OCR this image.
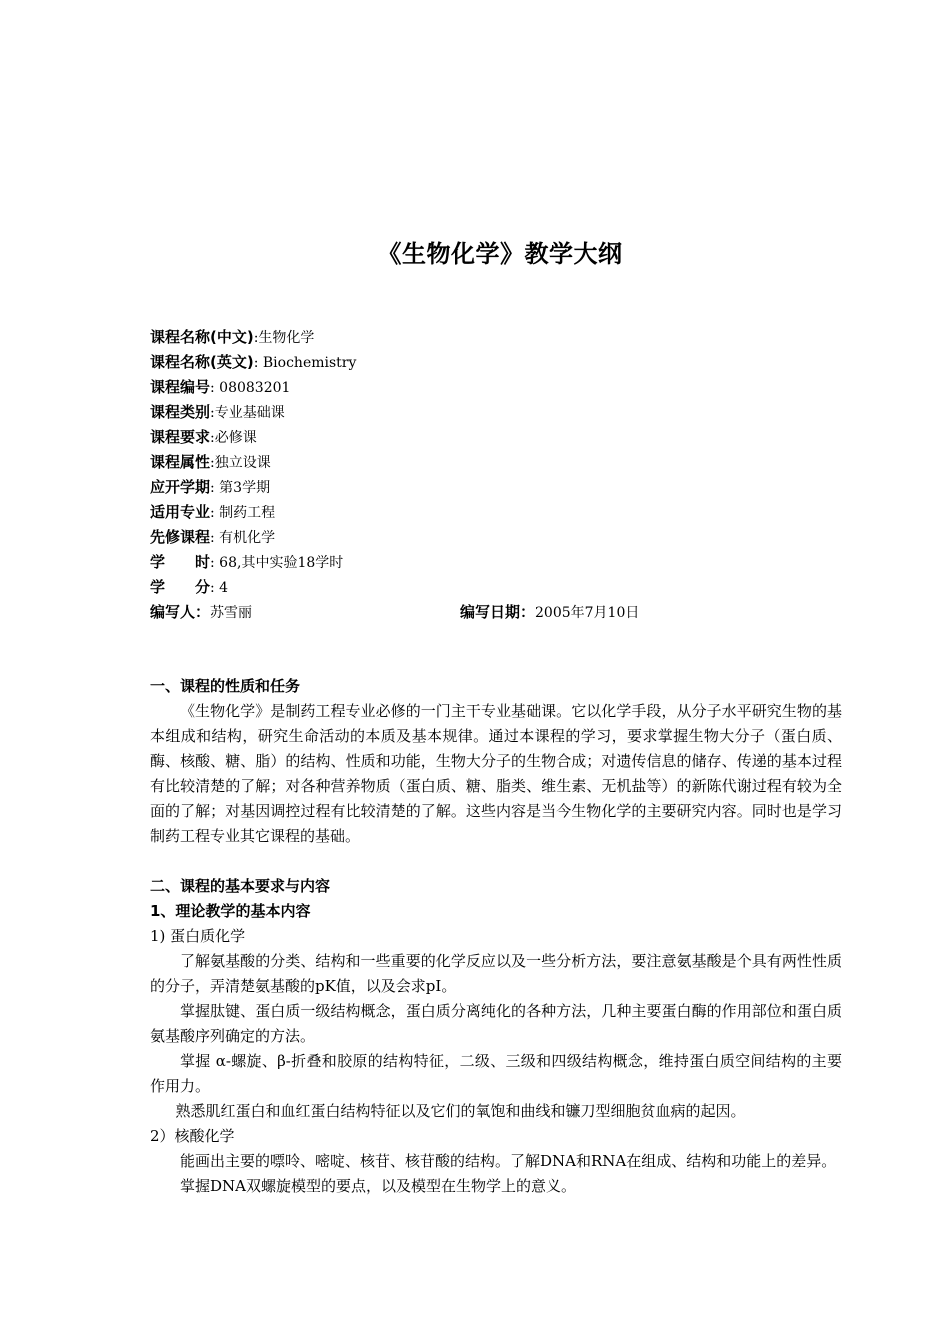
《生物化学》教学大纲
课程名称(中文):生物化学
课程名称(英文): Biochemistry
课程编号: 08083201
课程类别:专业基础课
课程要求:必修课
课程属性:独立设课
应开学期: 第3学期
适用专业: 制药工程
先修课程: 有机化学
学　　时: 68,其中实验18学时
学　　分: 4
编写人：苏雪丽	编写日期：2005年7月10日
一、课程的性质和任务

《生物化学》是制药工程专业必修的一门主干专业基础课。它以化学手段，从分子水平研究生物的基本组成和结构，研究生命活动的本质及基本规律。通过本课程的学习，要求掌握生物大分子（蛋白质、酶、核酸、糖、脂）的结构、性质和功能，生物大分子的生物合成；对遗传信息的储存、传递的基本过程有比较清楚的了解；对各种营养物质（蛋白质、糖、脂类、维生素、无机盐等）的新陈代谢过程有较为全面的了解；对基因调控过程有比较清楚的了解。这些内容是当今生物化学的主要研究内容。同时也是学习制药工程专业其它课程的基础。

二、课程的基本要求与内容
1、理论教学的基本内容
1) 蛋白质化学

了解氨基酸的分类、结构和一些重要的化学反应以及一些分析方法，要注意氨基酸是个具有两性性质的分子，弄清楚氨基酸的pK值，以及会求pI。

掌握肽键、蛋白质一级结构概念，蛋白质分离纯化的各种方法，几种主要蛋白酶的作用部位和蛋白质氨基酸序列确定的方法。

掌握 α-螺旋、β-折叠和胶原的结构特征，二级、三级和四级结构概念，维持蛋白质空间结构的主要作用力。

熟悉肌红蛋白和血红蛋白结构特征以及它们的氧饱和曲线和镰刀型细胞贫血病的起因。

2）核酸化学

能画出主要的嘌呤、嘧啶、核苷、核苷酸的结构。了解DNA和RNA在组成、结构和功能上的差异。

掌握DNA双螺旋模型的要点，以及模型在生物学上的意义。
